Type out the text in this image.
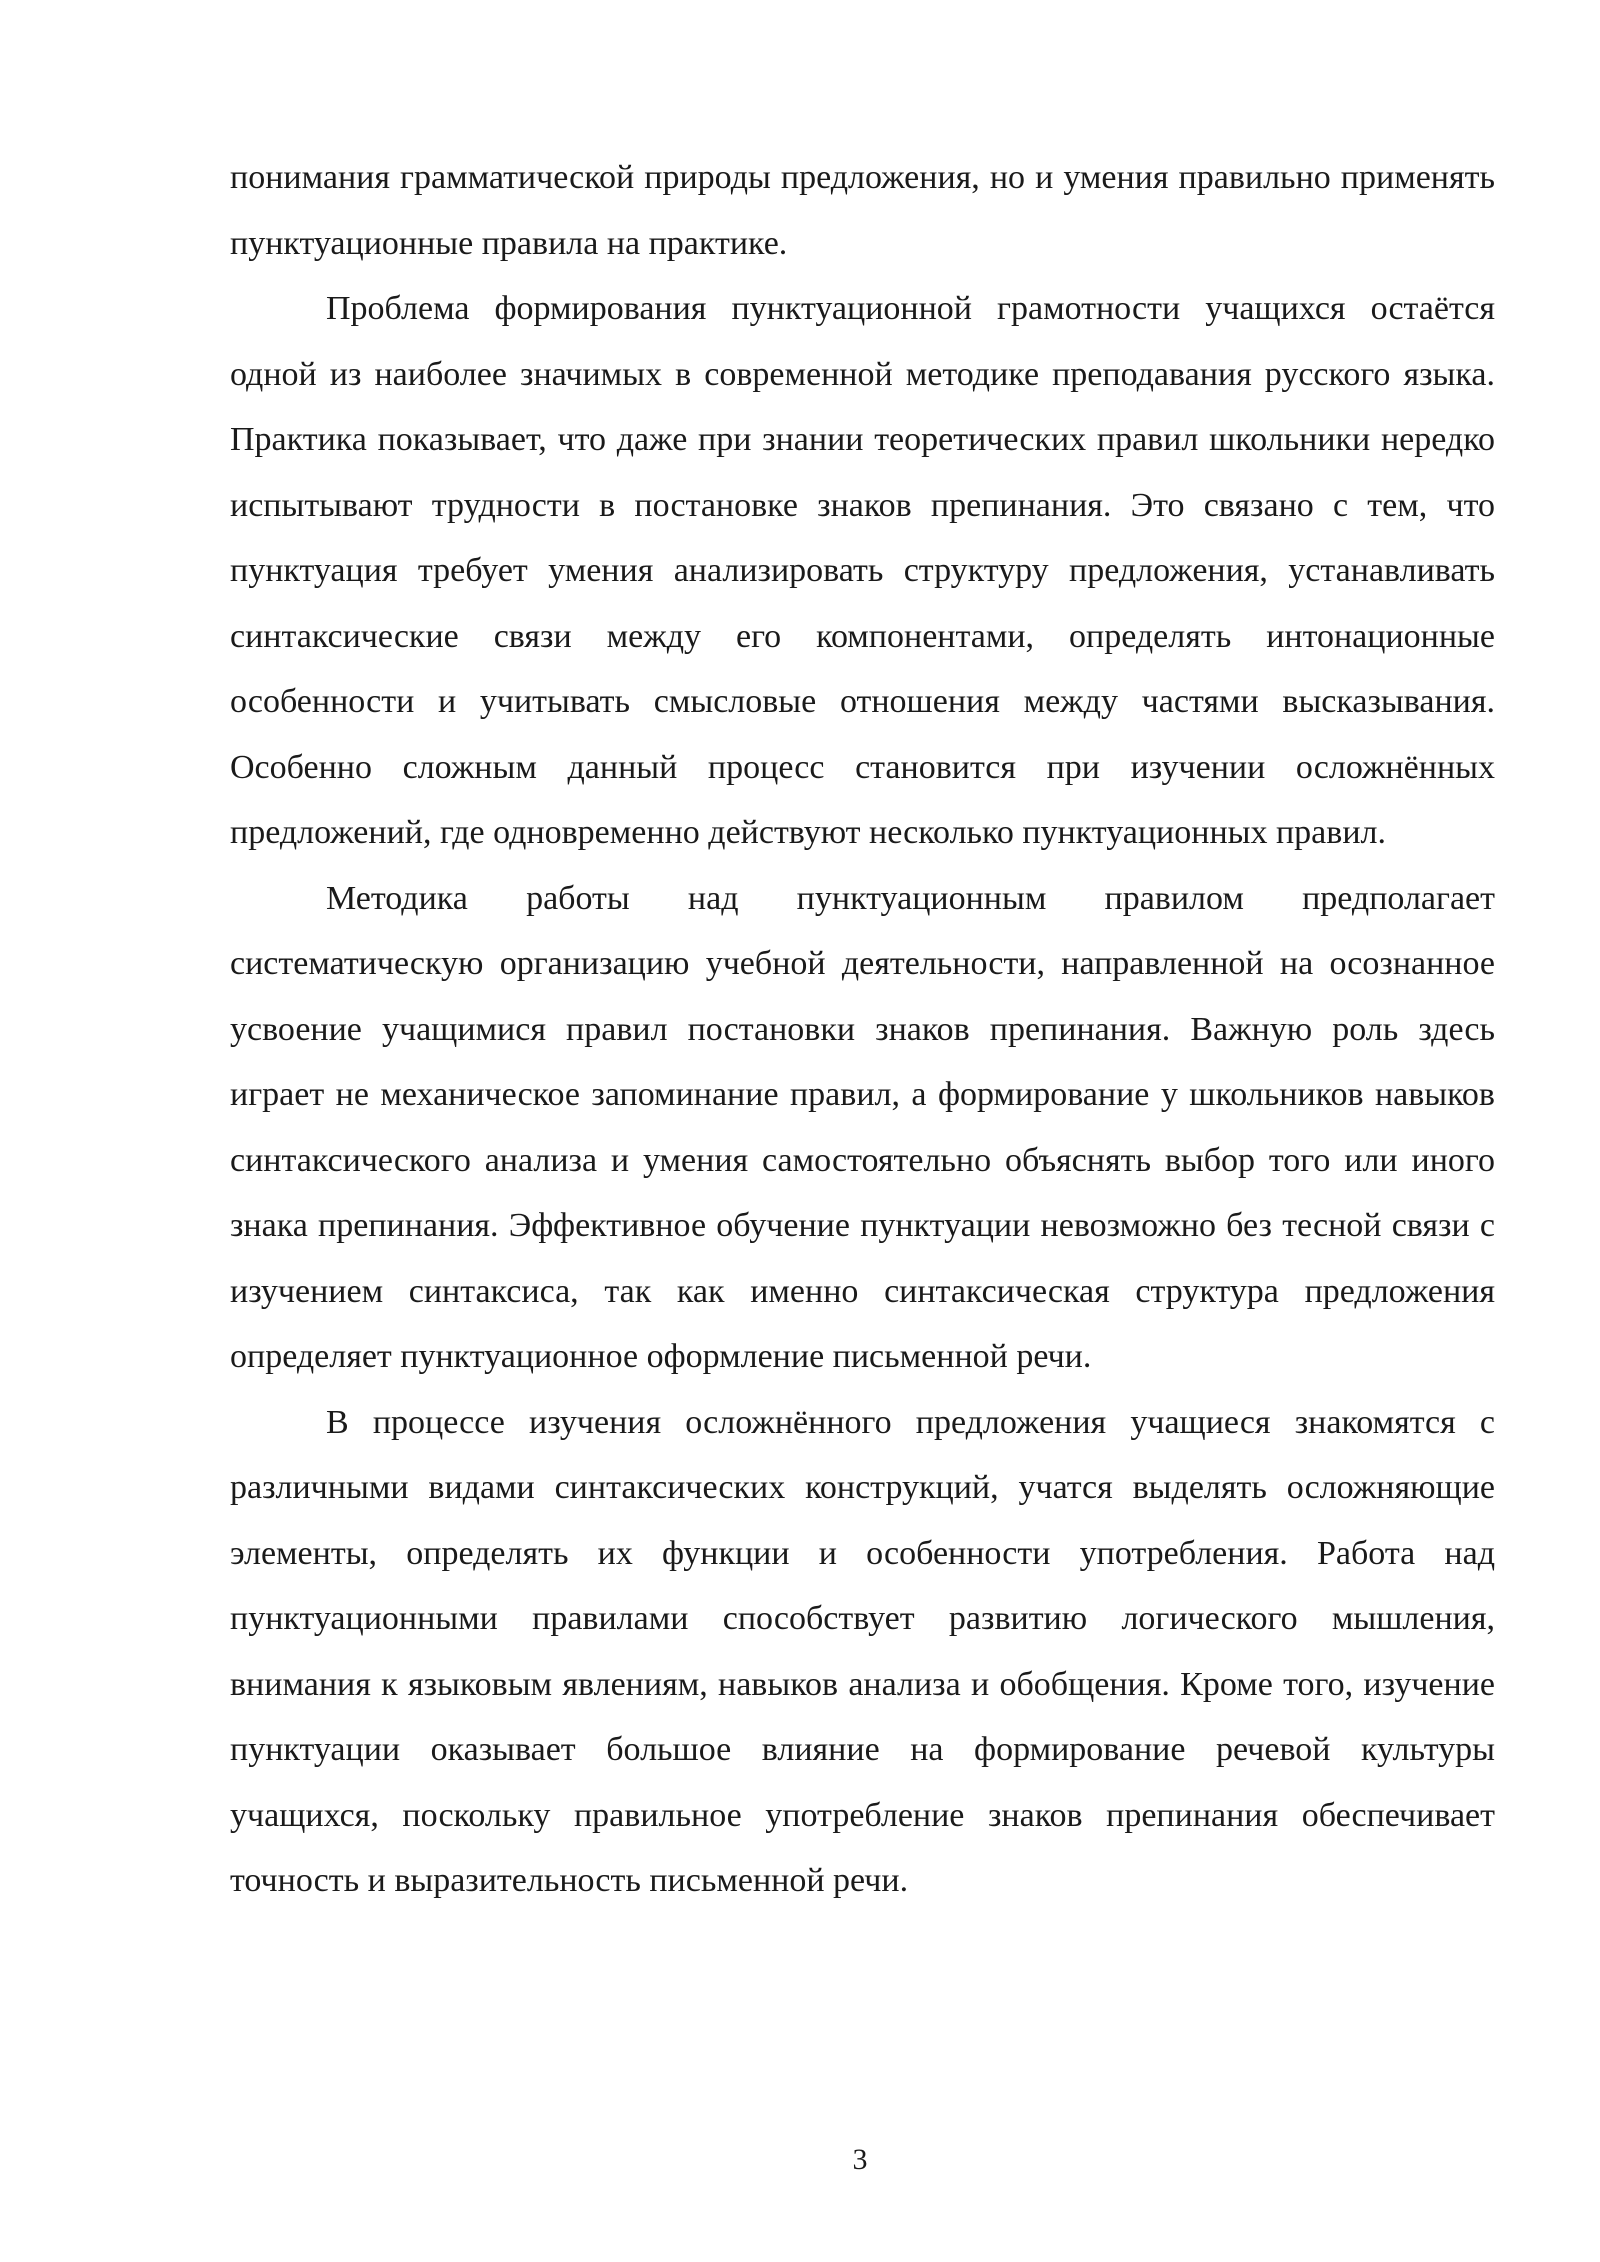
понимания грамматической природы предложения, но и умения правильно применять пунктуационные правила на практике.

Проблема формирования пунктуационной грамотности учащихся остаётся одной из наиболее значимых в современной методике преподавания русского языка. Практика показывает, что даже при знании теоретических правил школьники нередко испытывают трудности в постановке знаков препинания. Это связано с тем, что пунктуация требует умения анализировать структуру предложения, устанавливать синтаксические связи между его компонентами, определять интонационные особенности и учитывать смысловые отношения между частями высказывания. Особенно сложным данный процесс становится при изучении осложнённых предложений, где одновременно действуют несколько пунктуационных правил.

Методика работы над пунктуационным правилом предполагает систематическую организацию учебной деятельности, направленной на осознанное усвоение учащимися правил постановки знаков препинания. Важную роль здесь играет не механическое запоминание правил, а формирование у школьников навыков синтаксического анализа и умения самостоятельно объяснять выбор того или иного знака препинания. Эффективное обучение пунктуации невозможно без тесной связи с изучением синтаксиса, так как именно синтаксическая структура предложения определяет пунктуационное оформление письменной речи.

В процессе изучения осложнённого предложения учащиеся знакомятся с различными видами синтаксических конструкций, учатся выделять осложняющие элементы, определять их функции и особенности употребления. Работа над пунктуационными правилами способствует развитию логического мышления, внимания к языковым явлениям, навыков анализа и обобщения. Кроме того, изучение пунктуации оказывает большое влияние на формирование речевой культуры учащихся, поскольку правильное употребление знаков препинания обеспечивает точность и выразительность письменной речи.

3
